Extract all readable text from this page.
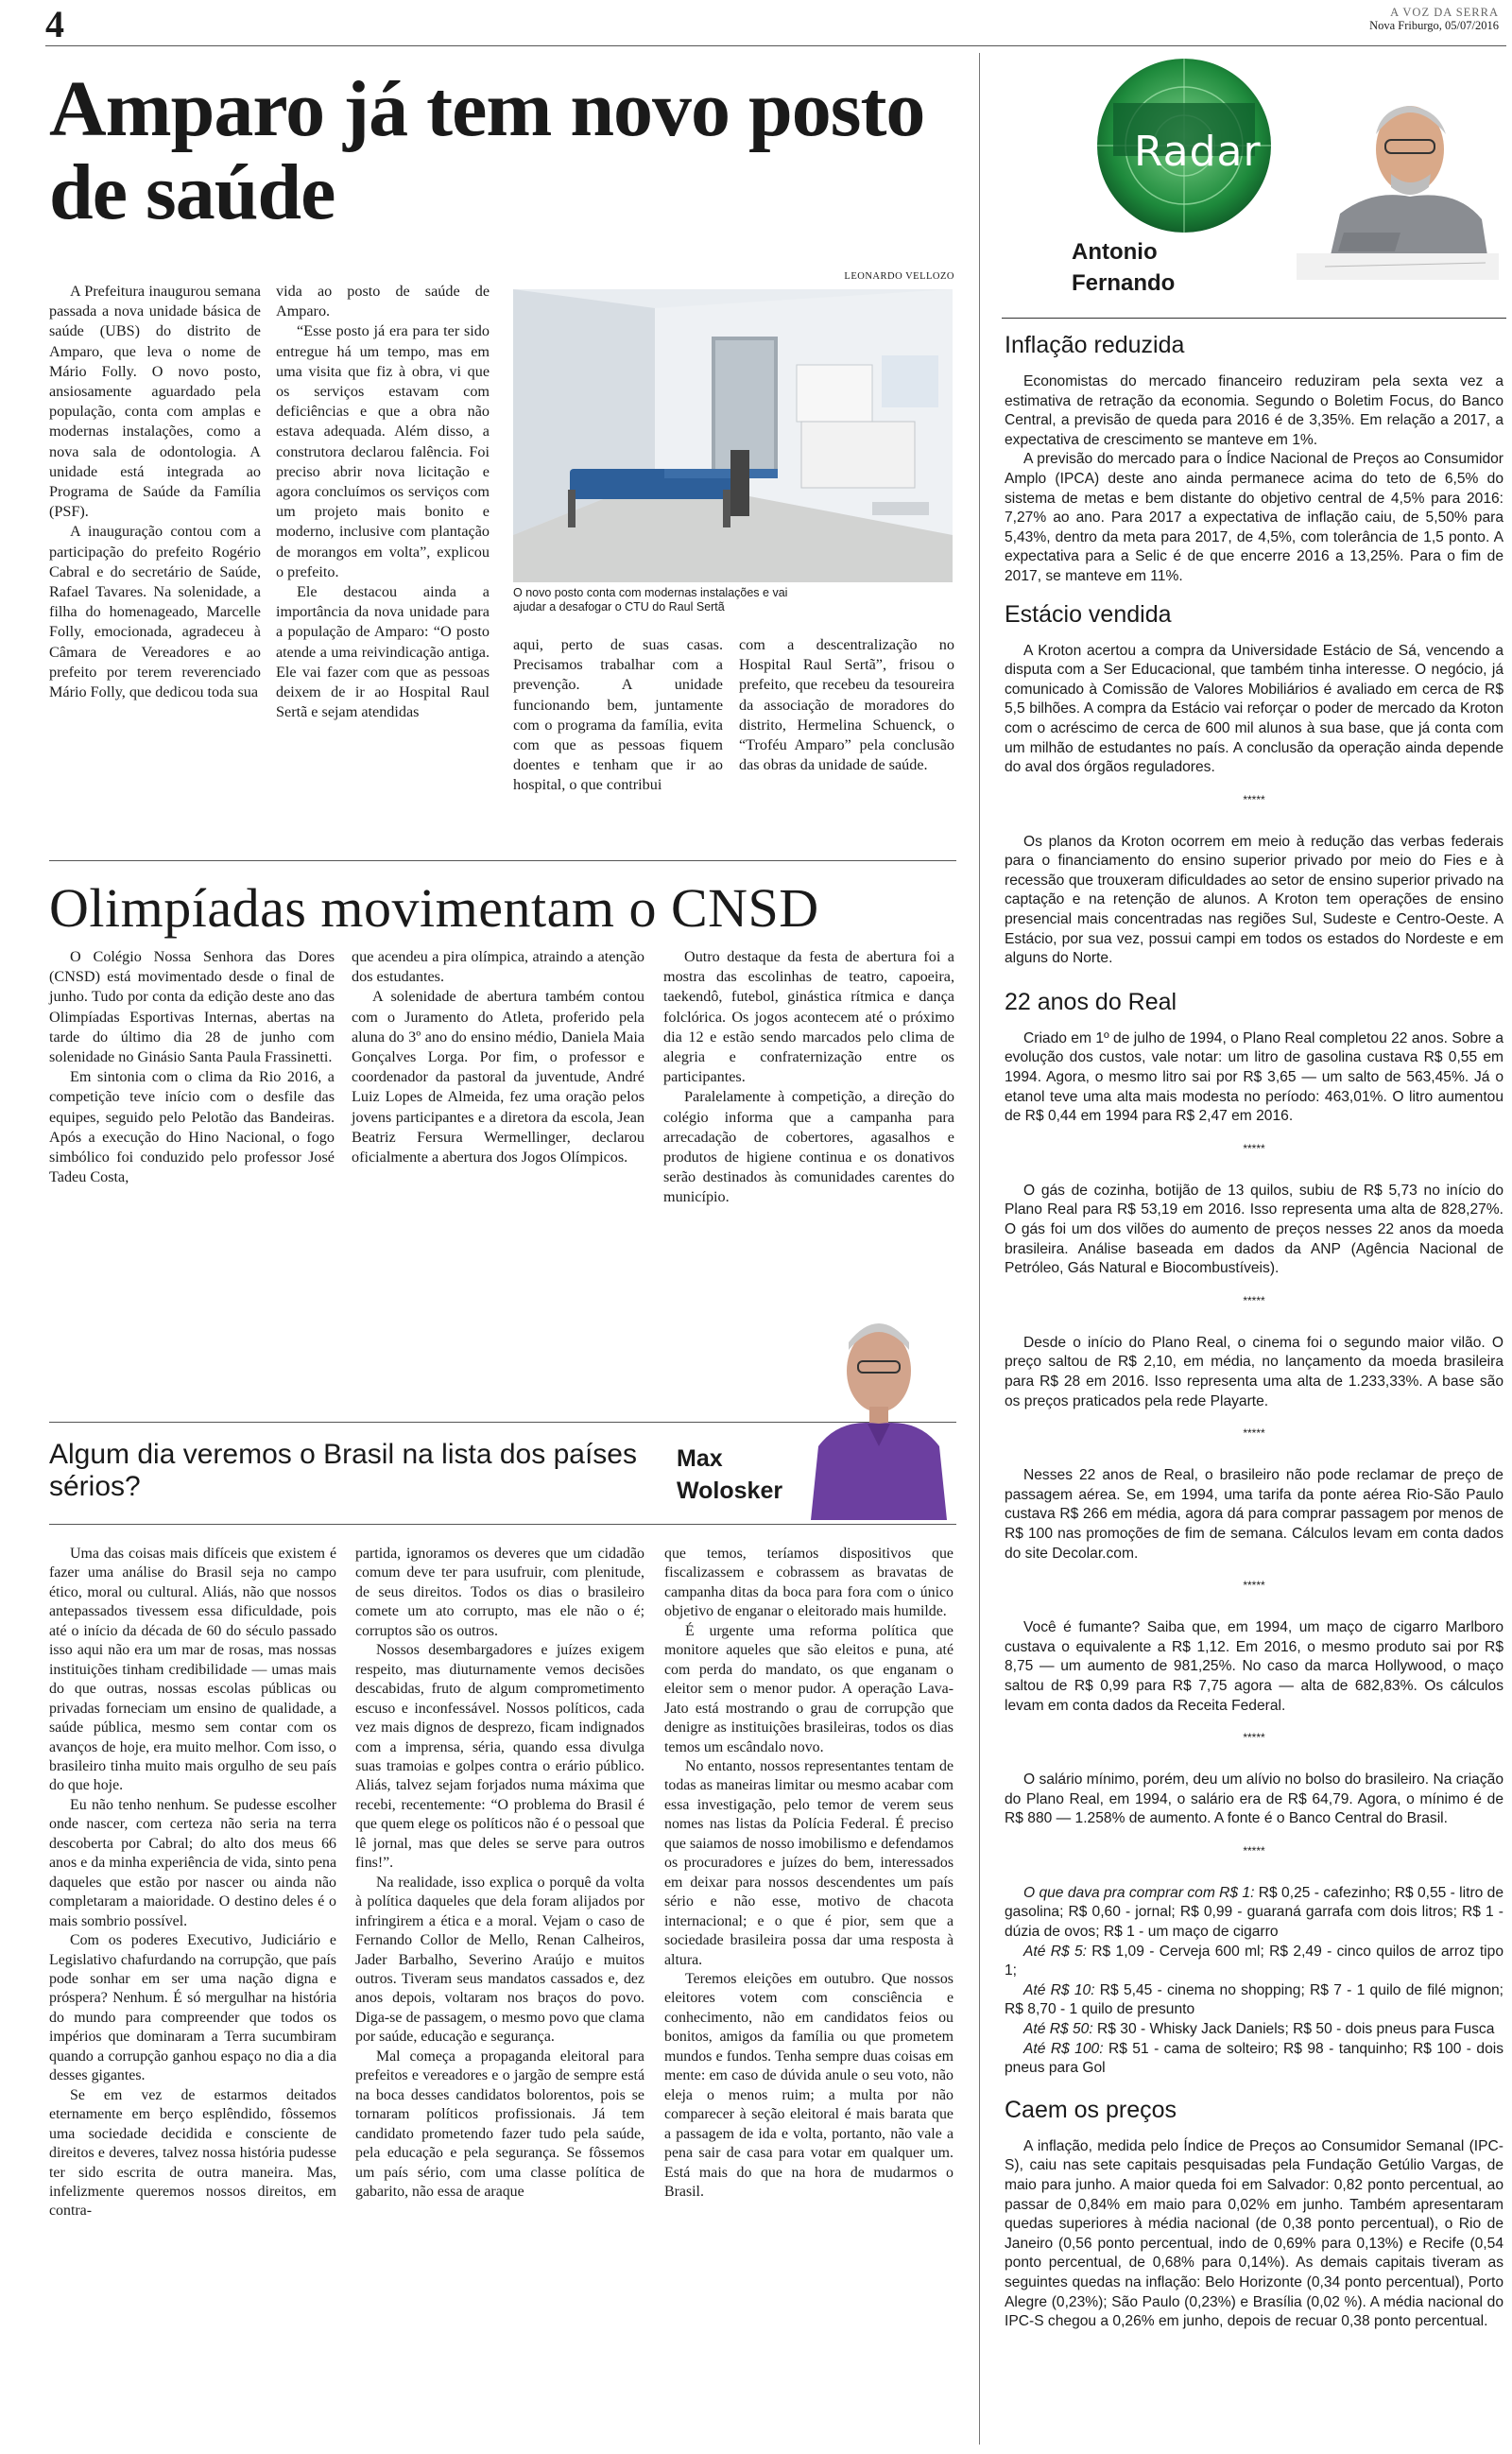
4	A VOZ DA SERRA
Nova Friburgo, 05/07/2016
Amparo já tem novo posto de saúde

A Prefeitura inaugurou semana passada a nova unidade básica de saúde (UBS) do distrito de Amparo, que leva o nome de Mário Folly. O novo posto, ansiosamente aguardado pela população, conta com amplas e modernas instalações, como a nova sala de odontologia. A unidade está integrada ao Programa de Saúde da Família (PSF).

A inauguração contou com a participação do prefeito Rogério Cabral e do secretário de Saúde, Rafael Tavares. Na solenidade, a filha do homenageado, Marcelle Folly, emocionada, agradeceu à Câmara de Vereadores e ao prefeito por terem reverenciado Mário Folly, que dedicou toda sua

vida ao posto de saúde de Amparo.

“Esse posto já era para ter sido entregue há um tempo, mas em uma visita que fiz à obra, vi que os serviços estavam com deficiências e que a obra não estava adequada. Além disso, a construtora declarou falência. Foi preciso abrir nova licitação e agora concluímos os serviços com um projeto mais bonito e moderno, inclusive com plantação de morangos em volta”, explicou o prefeito.

Ele destacou ainda a importância da nova unidade para a população de Amparo: “O posto atende a uma reivindicação antiga. Ele vai fazer com que as pessoas deixem de ir ao Hospital Raul Sertã e sejam atendidas

LEONARDO VELLOZO
O novo posto conta com modernas instalações e vai ajudar a desafogar o CTU do Raul Sertã

aqui, perto de suas casas. Precisamos trabalhar com a prevenção. A unidade funcionando bem, juntamente com o programa da família, evita com que as pessoas fiquem doentes e tenham que ir ao hospital, o que contribui

com a descentralização no Hospital Raul Sertã”, frisou o prefeito, que recebeu da tesoureira da associação de moradores do distrito, Hermelina Schuenck, o “Troféu Amparo” pela conclusão das obras da unidade de saúde.

Olimpíadas movimentam o CNSD

O Colégio Nossa Senhora das Dores (CNSD) está movimentado desde o final de junho. Tudo por conta da edição deste ano das Olimpíadas Esportivas Internas, abertas na tarde do último dia 28 de junho com solenidade no Ginásio Santa Paula Frassinetti.

Em sintonia com o clima da Rio 2016, a competição teve início com o desfile das equipes, seguido pelo Pelotão das Bandeiras. Após a execução do Hino Nacional, o fogo simbólico foi conduzido pelo professor José Tadeu Costa,

que acendeu a pira olímpica, atraindo a atenção dos estudantes.

A solenidade de abertura também contou com o Juramento do Atleta, proferido pela aluna do 3º ano do ensino médio, Daniela Maia Gonçalves Lorga. Por fim, o professor e coordenador da pastoral da juventude, André Luiz Lopes de Almeida, fez uma oração pelos jovens participantes e a diretora da escola, Jean Beatriz Fersura Wermellinger, declarou oficialmente a abertura dos Jogos Olímpicos.

Outro destaque da festa de abertura foi a mostra das escolinhas de teatro, capoeira, taekendô, futebol, ginástica rítmica e dança folclórica. Os jogos acontecem até o próximo dia 12 e estão sendo marcados pelo clima de alegria e confraternização entre os participantes.

Paralelamente à competição, a direção do colégio informa que a campanha para arrecadação de cobertores, agasalhos e produtos de higiene continua e os donativos serão destinados às comunidades carentes do município.

Algum dia veremos o Brasil na lista dos países sérios?
Max Wolosker

Uma das coisas mais difíceis que existem é fazer uma análise do Brasil seja no campo ético, moral ou cultural. Aliás, não que nossos antepassados tivessem essa dificuldade, pois até o início da década de 60 do século passado isso aqui não era um mar de rosas, mas nossas instituições tinham credibilidade — umas mais do que outras, nossas escolas públicas ou privadas forneciam um ensino de qualidade, a saúde pública, mesmo sem contar com os avanços de hoje, era muito melhor. Com isso, o brasileiro tinha muito mais orgulho de seu país do que hoje.

Eu não tenho nenhum. Se pudesse escolher onde nascer, com certeza não seria na terra descoberta por Cabral; do alto dos meus 66 anos e da minha experiência de vida, sinto pena daqueles que estão por nascer ou ainda não completaram a maioridade. O destino deles é o mais sombrio possível.

Com os poderes Executivo, Judiciário e Legislativo chafurdando na corrupção, que país pode sonhar em ser uma nação digna e próspera? Nenhum. É só mergulhar na história do mundo para compreender que todos os impérios que dominaram a Terra sucumbiram quando a corrupção ganhou espaço no dia a dia desses gigantes.

Se em vez de estarmos deitados eternamente em berço esplêndido, fôssemos uma sociedade decidida e consciente de direitos e deveres, talvez nossa história pudesse ter sido escrita de outra maneira. Mas, infelizmente queremos nossos direitos, em contra-

partida, ignoramos os deveres que um cidadão comum deve ter para usufruir, com plenitude, de seus direitos. Todos os dias o brasileiro comete um ato corrupto, mas ele não o é; corruptos são os outros.

Nossos desembargadores e juízes exigem respeito, mas diuturnamente vemos decisões descabidas, fruto de algum comprometimento escuso e inconfessável. Nossos políticos, cada vez mais dignos de desprezo, ficam indignados com a imprensa, séria, quando essa divulga suas tramoias e golpes contra o erário público. Aliás, talvez sejam forjados numa máxima que recebi, recentemente: “O problema do Brasil é que quem elege os políticos não é o pessoal que lê jornal, mas que deles se serve para outros fins!”.

Na realidade, isso explica o porquê da volta à política daqueles que dela foram alijados por infringirem a ética e a moral. Vejam o caso de Fernando Collor de Mello, Renan Calheiros, Jader Barbalho, Severino Araújo e muitos outros. Tiveram seus mandatos cassados e, dez anos depois, voltaram nos braços do povo. Diga-se de passagem, o mesmo povo que clama por saúde, educação e segurança.

Mal começa a propaganda eleitoral para prefeitos e vereadores e o jargão de sempre está na boca desses candidatos bolorentos, pois se tornaram políticos profissionais. Já tem candidato prometendo fazer tudo pela saúde, pela educação e pela segurança. Se fôssemos um país sério, com uma classe política de gabarito, não essa de araque

que temos, teríamos dispositivos que fiscalizassem e cobrassem as bravatas de campanha ditas da boca para fora com o único objetivo de enganar o eleitorado mais humilde.

É urgente uma reforma política que monitore aqueles que são eleitos e puna, até com perda do mandato, os que enganam o eleitor sem o menor pudor. A operação Lava-Jato está mostrando o grau de corrupção que denigre as instituições brasileiras, todos os dias temos um escândalo novo.

No entanto, nossos representantes tentam de todas as maneiras limitar ou mesmo acabar com essa investigação, pelo temor de verem seus nomes nas listas da Polícia Federal. É preciso que saiamos de nosso imobilismo e defendamos os procuradores e juízes do bem, interessados em deixar para nossos descendentes um país sério e não esse, motivo de chacota internacional; e o que é pior, sem que a sociedade brasileira possa dar uma resposta à altura.

Teremos eleições em outubro. Que nossos eleitores votem com consciência e conhecimento, não em candidatos feios ou bonitos, amigos da família ou que prometem mundos e fundos. Tenha sempre duas coisas em mente: em caso de dúvida anule o seu voto, não eleja o menos ruim; a multa por não comparecer à seção eleitoral é mais barata que a passagem de ida e volta, portanto, não vale a pena sair de casa para votar em qualquer um. Está mais do que na hora de mudarmos o Brasil.

Radar
Antonio Fernando
Inflação reduzida

Economistas do mercado financeiro reduziram pela sexta vez a estimativa de retração da economia. Segundo o Boletim Focus, do Banco Central, a previsão de queda para 2016 é de 3,35%. Em relação a 2017, a expectativa de crescimento se manteve em 1%.

A previsão do mercado para o Índice Nacional de Preços ao Consumidor Amplo (IPCA) deste ano ainda permanece acima do teto de 6,5% do sistema de metas e bem distante do objetivo central de 4,5% para 2016: 7,27% ao ano. Para 2017 a expectativa de inflação caiu, de 5,50% para 5,43%, dentro da meta para 2017, de 4,5%, com tolerância de 1,5 ponto. A expectativa para a Selic é de que encerre 2016 a 13,25%. Para o fim de 2017, se manteve em 11%.

Estácio vendida

A Kroton acertou a compra da Universidade Estácio de Sá, vencendo a disputa com a Ser Educacional, que também tinha interesse. O negócio, já comunicado à Comissão de Valores Mobiliários é avaliado em cerca de R$ 5,5 bilhões. A compra da Estácio vai reforçar o poder de mercado da Kroton com o acréscimo de cerca de 600 mil alunos à sua base, que já conta com um milhão de estudantes no país. A conclusão da operação ainda depende do aval dos órgãos reguladores.

*****

Os planos da Kroton ocorrem em meio à redução das verbas federais para o financiamento do ensino superior privado por meio do Fies e à recessão que trouxeram dificuldades ao setor de ensino superior privado na captação e na retenção de alunos. A Kroton tem operações de ensino presencial mais concentradas nas regiões Sul, Sudeste e Centro-Oeste. A Estácio, por sua vez, possui campi em todos os estados do Nordeste e em alguns do Norte.

22 anos do Real

Criado em 1º de julho de 1994, o Plano Real completou 22 anos. Sobre a evolução dos custos, vale notar: um litro de gasolina custava R$ 0,55 em 1994. Agora, o mesmo litro sai por R$ 3,65 — um salto de 563,45%. Já o etanol teve uma alta mais modesta no período: 463,01%. O litro aumentou de R$ 0,44 em 1994 para R$ 2,47 em 2016.

*****

O gás de cozinha, botijão de 13 quilos, subiu de R$ 5,73 no início do Plano Real para R$ 53,19 em 2016. Isso representa uma alta de 828,27%. O gás foi um dos vilões do aumento de preços nesses 22 anos da moeda brasileira. Análise baseada em dados da ANP (Agência Nacional de Petróleo, Gás Natural e Biocombustíveis).

*****

Desde o início do Plano Real, o cinema foi o segundo maior vilão. O preço saltou de R$ 2,10, em média, no lançamento da moeda brasileira para R$ 28 em 2016. Isso representa uma alta de 1.233,33%. A base são os preços praticados pela rede Playarte.

*****

Nesses 22 anos de Real, o brasileiro não pode reclamar de preço de passagem aérea. Se, em 1994, uma tarifa da ponte aérea Rio-São Paulo custava R$ 266 em média, agora dá para comprar passagem por menos de R$ 100 nas promoções de fim de semana. Cálculos levam em conta dados do site Decolar.com.

*****

Você é fumante? Saiba que, em 1994, um maço de cigarro Marlboro custava o equivalente a R$ 1,12. Em 2016, o mesmo produto sai por R$ 8,75 — um aumento de 981,25%. No caso da marca Hollywood, o maço saltou de R$ 0,99 para R$ 7,75 agora — alta de 682,83%. Os cálculos levam em conta dados da Receita Federal.

*****

O salário mínimo, porém, deu um alívio no bolso do brasileiro. Na criação do Plano Real, em 1994, o salário era de R$ 64,79. Agora, o mínimo é de R$ 880 — 1.258% de aumento. A fonte é o Banco Central do Brasil.

*****

O que dava pra comprar com R$ 1: R$ 0,25 - cafezinho; R$ 0,55 - litro de gasolina; R$ 0,60 - jornal; R$ 0,99 - guaraná garrafa com dois litros; R$ 1 - dúzia de ovos; R$ 1 - um maço de cigarro

Até R$ 5: R$ 1,09 - Cerveja 600 ml; R$ 2,49 - cinco quilos de arroz tipo 1;

Até R$ 10: R$ 5,45 - cinema no shopping; R$ 7 - 1 quilo de filé mignon; R$ 8,70 - 1 quilo de presunto

Até R$ 50: R$ 30 - Whisky Jack Daniels; R$ 50 - dois pneus para Fusca

Até R$ 100: R$ 51 - cama de solteiro; R$ 98 - tanquinho; R$ 100 - dois pneus para Gol

Caem os preços

A inflação, medida pelo Índice de Preços ao Consumidor Semanal (IPC-S), caiu nas sete capitais pesquisadas pela Fundação Getúlio Vargas, de maio para junho. A maior queda foi em Salvador: 0,82 ponto percentual, ao passar de 0,84% em maio para 0,02% em junho. Também apresentaram quedas superiores à média nacional (de 0,38 ponto percentual), o Rio de Janeiro (0,56 ponto percentual, indo de 0,69% para 0,13%) e Recife (0,54 ponto percentual, de 0,68% para 0,14%). As demais capitais tiveram as seguintes quedas na inflação: Belo Horizonte (0,34 ponto percentual), Porto Alegre (0,23%); São Paulo (0,23%) e Brasília (0,02 %). A média nacional do IPC-S chegou a 0,26% em junho, depois de recuar 0,38 ponto percentual.
